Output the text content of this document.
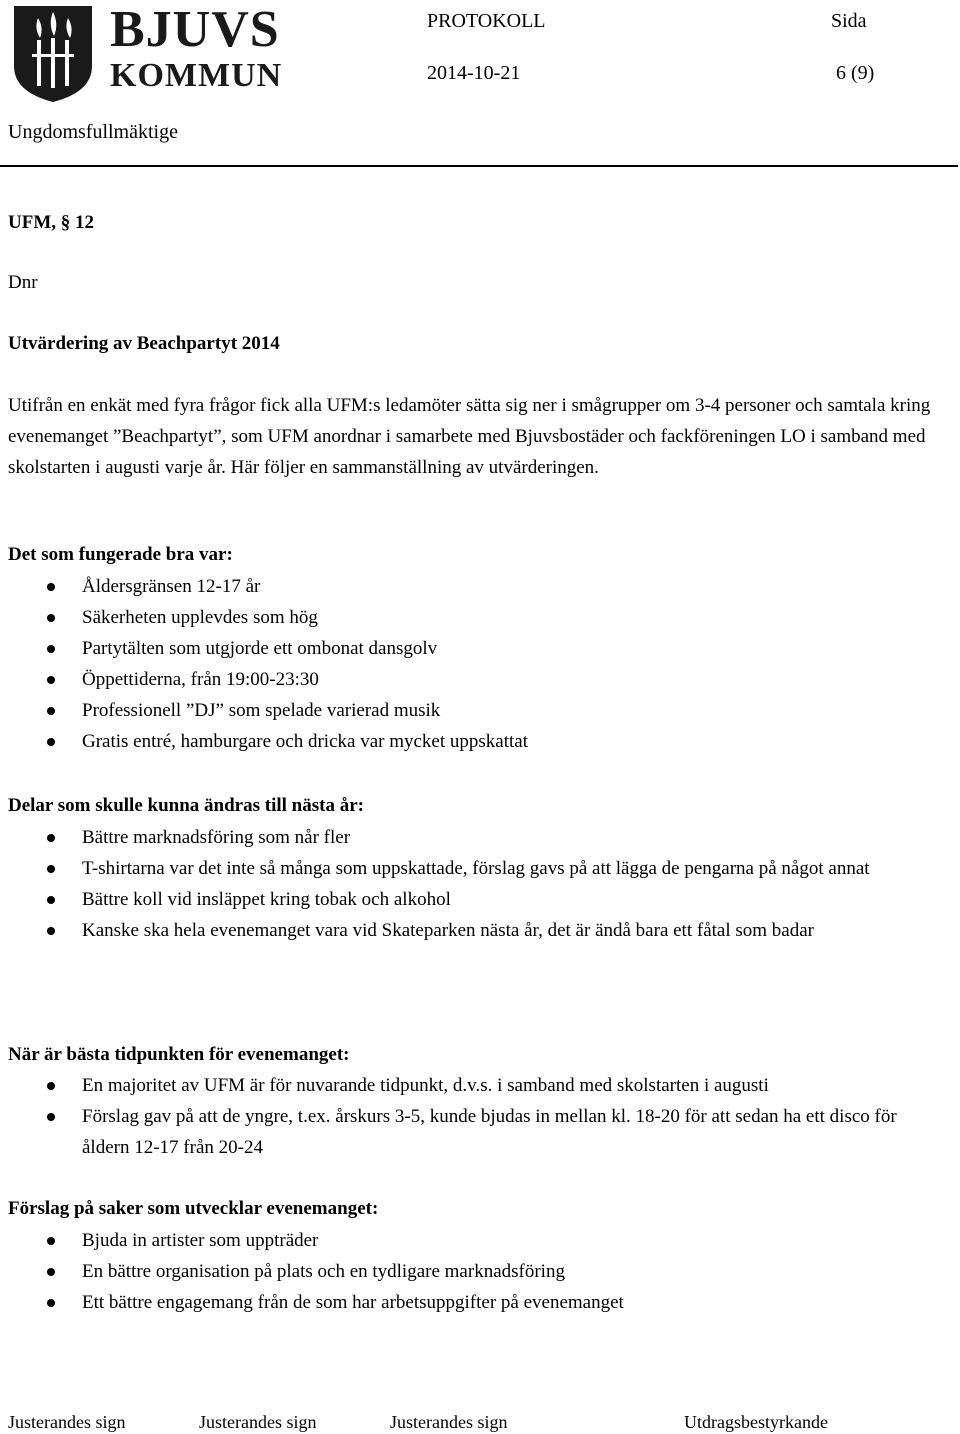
BJUVS
KOMMUN
PROTOKOLL	Sida
2014-10-21	6 (9)
Ungdomsfullmäktige
UFM, § 12
Dnr
Utvärdering av Beachpartyt 2014
Utifrån en enkät med fyra frågor fick alla UFM:s ledamöter sätta sig ner i smågrupper om 3-4 personer och samtala kring evenemanget ”Beachpartyt”, som UFM anordnar i samarbete med Bjuvsbostäder och fackföreningen LO i samband med skolstarten i augusti varje år. Här följer en sammanställning av utvärderingen.
Det som fungerade bra var:
Åldersgränsen 12-17 år
Säkerheten upplevdes som hög
Partytälten som utgjorde ett ombonat dansgolv
Öppettiderna, från 19:00-23:30
Professionell ”DJ” som spelade varierad musik
Gratis entré, hamburgare och dricka var mycket uppskattat
Delar som skulle kunna ändras till nästa år:
Bättre marknadsföring som når fler
T-shirtarna var det inte så många som uppskattade, förslag gavs på att lägga de pengarna på något annat
Bättre koll vid insläppet kring tobak och alkohol
Kanske ska hela evenemanget vara vid Skateparken nästa år, det är ändå bara ett fåtal som badar
När är bästa tidpunkten för evenemanget:
En majoritet av UFM är för nuvarande tidpunkt, d.v.s. i samband med skolstarten i augusti
Förslag gav på att de yngre, t.ex. årskurs 3-5, kunde bjudas in mellan kl. 18-20 för att sedan ha ett disco för åldern 12-17 från 20-24
Förslag på saker som utvecklar evenemanget:
Bjuda in artister som uppträder
En bättre organisation på plats och en tydligare marknadsföring
Ett bättre engagemang från de som har arbetsuppgifter på evenemanget
Justerandes sign	Justerandes sign	Justerandes sign	Utdragsbestyrkande
